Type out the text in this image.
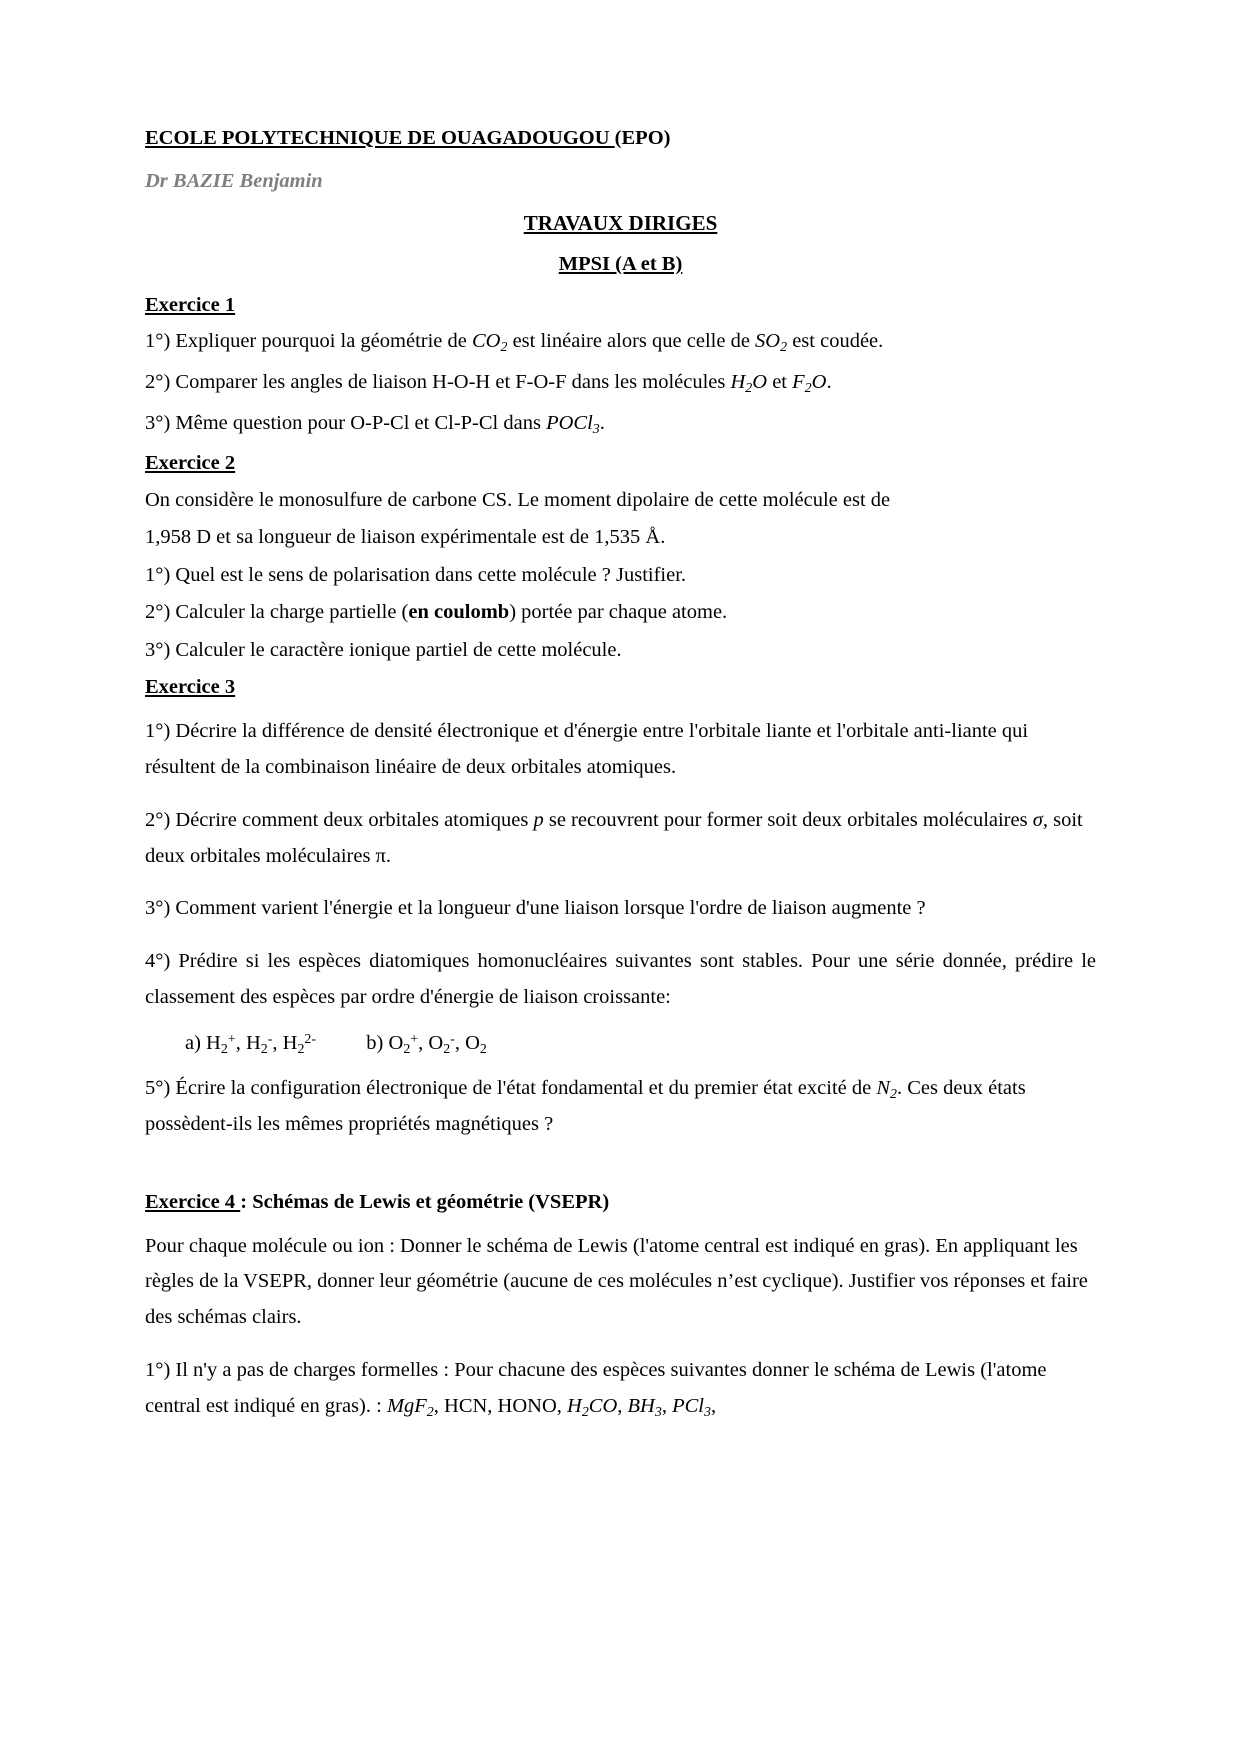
ECOLE POLYTECHNIQUE DE OUAGADOUGOU (EPO)
Dr BAZIE Benjamin
TRAVAUX DIRIGES
MPSI (A et B)
Exercice 1
1°) Expliquer pourquoi la géométrie de $CO_2$ est linéaire alors que celle de $SO_2$ est coudée.
2°) Comparer les angles de liaison H-O-H et F-O-F dans les molécules $H_2O$ et $F_2O$.
3°) Même question pour O-P-Cl et Cl-P-Cl dans POCl$_3$.
Exercice 2
On considère le monosulfure de carbone CS. Le moment dipolaire de cette molécule est de
1,958 D et sa longueur de liaison expérimentale est de 1,535 Å.
1°) Quel est le sens de polarisation dans cette molécule ? Justifier.
2°) Calculer la charge partielle (en coulomb) portée par chaque atome.
3°) Calculer le caractère ionique partiel de cette molécule.
Exercice 3
1°) Décrire la différence de densité électronique et d'énergie entre l'orbitale liante et l'orbitale anti-liante qui résultent de la combinaison linéaire de deux orbitales atomiques.
2°) Décrire comment deux orbitales atomiques p se recouvrent pour former soit deux orbitales moléculaires σ, soit deux orbitales moléculaires π.
3°) Comment varient l'énergie et la longueur d'une liaison lorsque l'ordre de liaison augmente ?
4°) Prédire si les espèces diatomiques homonucléaires suivantes sont stables. Pour une série donnée, prédire le classement des espèces par ordre d'énergie de liaison croissante:
a) $H_2^+$, $H_2^-$, $H_2^{2-}$ b) $O_2^+$, $O_2^-$, $O_2$
5°) Écrire la configuration électronique de l'état fondamental et du premier état excité de $N_2$. Ces deux états possèdent-ils les mêmes propriétés magnétiques ?
Exercice 4 : Schémas de Lewis et géométrie (VSEPR)
Pour chaque molécule ou ion : Donner le schéma de Lewis (l'atome central est indiqué en gras). En appliquant les règles de la VSEPR, donner leur géométrie (aucune de ces molécules n’est cyclique). Justifier vos réponses et faire des schémas clairs.
1°) Il n'y a pas de charges formelles : Pour chacune des espèces suivantes donner le schéma de Lewis (l'atome central est indiqué en gras). : MgF$_2$, HCN, HONO, $H_2CO$, $BH_3$, PCl$_3$,
